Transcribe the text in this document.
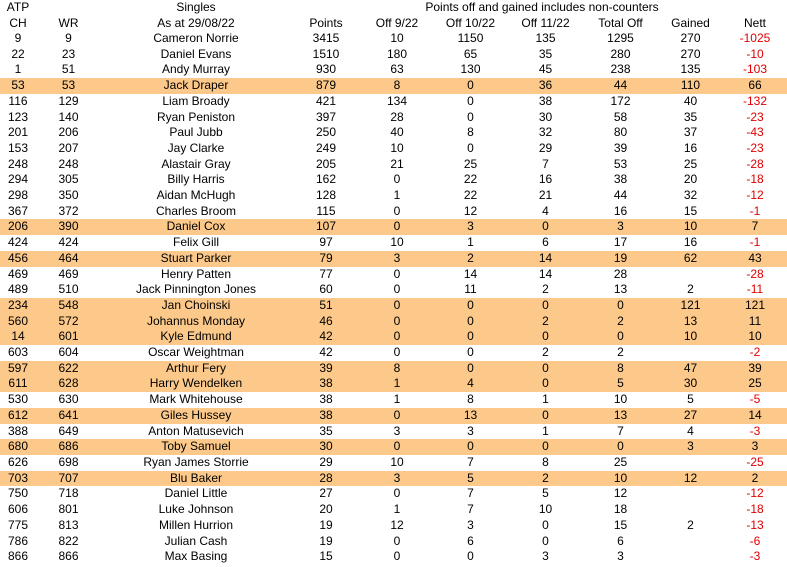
ATP		Singles		Points off and gained includes non-counters					
CH	WR	As at 29/08/22	Points	Off 9/22	Off 10/22	Off 11/22	Total Off	Gained	Nett
9	9	Cameron Norrie	3415	10	1150	135	1295	270	-1025
22	23	Daniel Evans	1510	180	65	35	280	270	-10
1	51	Andy Murray	930	63	130	45	238	135	-103
53	53	Jack Draper	879	8	0	36	44	110	66
116	129	Liam Broady	421	134	0	38	172	40	-132
123	140	Ryan Peniston	397	28	0	30	58	35	-23
201	206	Paul Jubb	250	40	8	32	80	37	-43
153	207	Jay Clarke	249	10	0	29	39	16	-23
248	248	Alastair Gray	205	21	25	7	53	25	-28
294	305	Billy Harris	162	0	22	16	38	20	-18
298	350	Aidan McHugh	128	1	22	21	44	32	-12
367	372	Charles Broom	115	0	12	4	16	15	-1
206	390	Daniel Cox	107	0	3	0	3	10	7
424	424	Felix Gill	97	10	1	6	17	16	-1
456	464	Stuart Parker	79	3	2	14	19	62	43
469	469	Henry Patten	77	0	14	14	28		-28
489	510	Jack Pinnington Jones	60	0	11	2	13	2	-11
234	548	Jan Choinski	51	0	0	0	0	121	121
560	572	Johannus Monday	46	0	0	2	2	13	11
14	601	Kyle Edmund	42	0	0	0	0	10	10
603	604	Oscar Weightman	42	0	0	2	2		-2
597	622	Arthur Fery	39	8	0	0	8	47	39
611	628	Harry Wendelken	38	1	4	0	5	30	25
530	630	Mark Whitehouse	38	1	8	1	10	5	-5
612	641	Giles Hussey	38	0	13	0	13	27	14
388	649	Anton Matusevich	35	3	3	1	7	4	-3
680	686	Toby Samuel	30	0	0	0	0	3	3
626	698	Ryan James Storrie	29	10	7	8	25		-25
703	707	Blu Baker	28	3	5	2	10	12	2
750	718	Daniel Little	27	0	7	5	12		-12
606	801	Luke Johnson	20	1	7	10	18		-18
775	813	Millen Hurrion	19	12	3	0	15	2	-13
786	822	Julian Cash	19	0	6	0	6		-6
866	866	Max Basing	15	0	0	3	3		-3
